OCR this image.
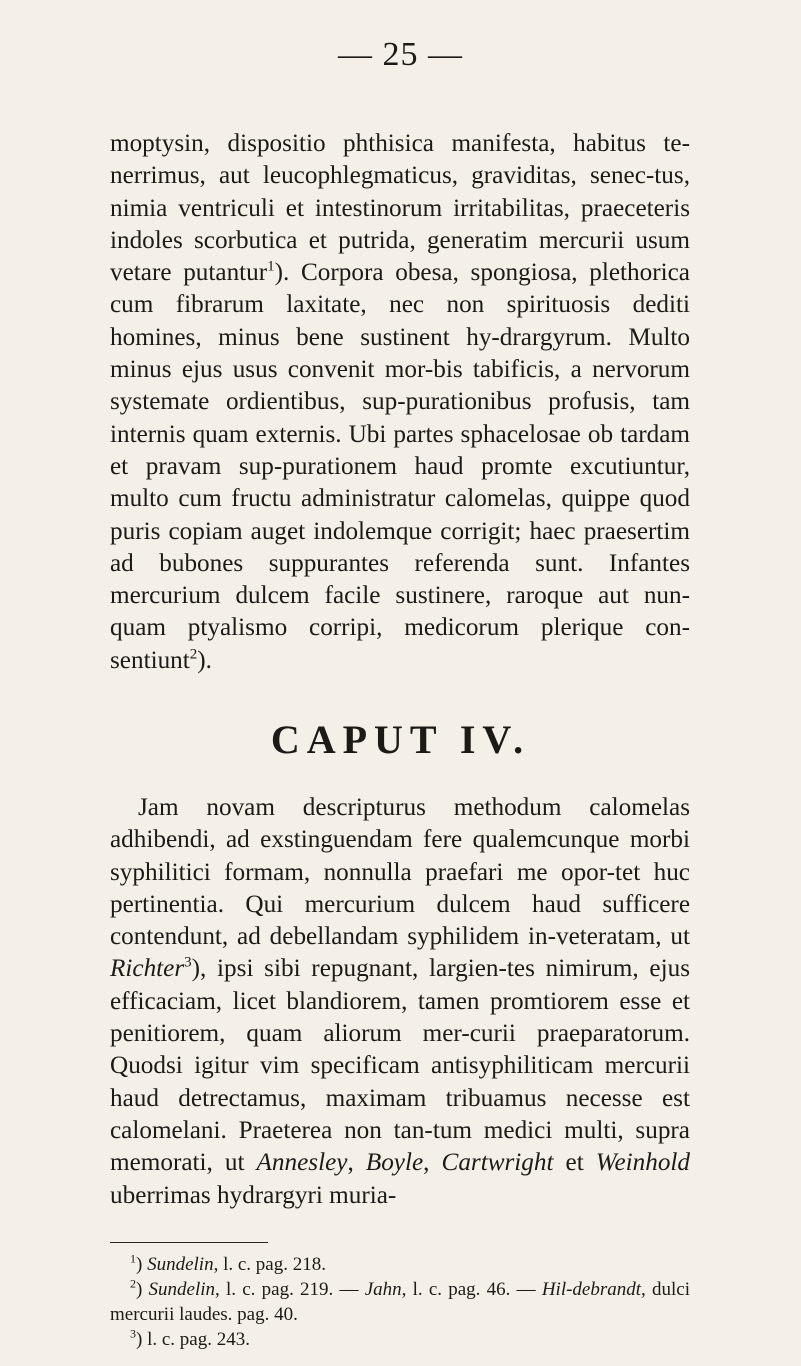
— 25 —

moptysin, dispositio phthisica manifesta, habitus te-nerrimus, aut leucophlegmaticus, graviditas, senec-tus, nimia ventriculi et intestinorum irritabilitas, praeceteris indoles scorbutica et putrida, generatim mercurii usum vetare putantur$^1$). Corpora obesa, spongiosa, plethorica cum fibrarum laxitate, nec non spirituosis dediti homines, minus bene sustinent hy-drargyrum. Multo minus ejus usus convenit mor-bis tabificis, a nervorum systemate ordientibus, sup-purationibus profusis, tam internis quam externis. Ubi partes sphacelosae ob tardam et pravam sup-purationem haud promte excutiuntur, multo cum fructu administratur calomelas, quippe quod puris copiam auget indolemque corrigit; haec praesertim ad bubones suppurantes referenda sunt. Infantes mercurium dulcem facile sustinere, raroque aut nun-quam ptyalismo corripi, medicorum plerique con-sentiunt$^2$).

CAPUT IV.

Jam novam descripturus methodum calomelas adhibendi, ad exstinguendam fere qualemcunque morbi syphilitici formam, nonnulla praefari me opor-tet huc pertinentia. Qui mercurium dulcem haud sufficere contendunt, ad debellandam syphilidem in-veteratam, ut Richter$^3$), ipsi sibi repugnant, largien-tes nimirum, ejus efficaciam, licet blandiorem, tamen promtiorem esse et penitiorem, quam aliorum mer-curii praeparatorum. Quodsi igitur vim specificam antisyphiliticam mercurii haud detrectamus, maximam tribuamus necesse est calomelani. Praeterea non tan-tum medici multi, supra memorati, ut Annesley, Boyle, Cartwright et Weinhold uberrimas hydrargyri muria-

$^1$) Sundelin, l. c. pag. 218.

$^2$) Sundelin, l. c. pag. 219. — Jahn, l. c. pag. 46. — Hil-debrandt, dulci mercurii laudes. pag. 40.

$^3$) l. c. pag. 243.
